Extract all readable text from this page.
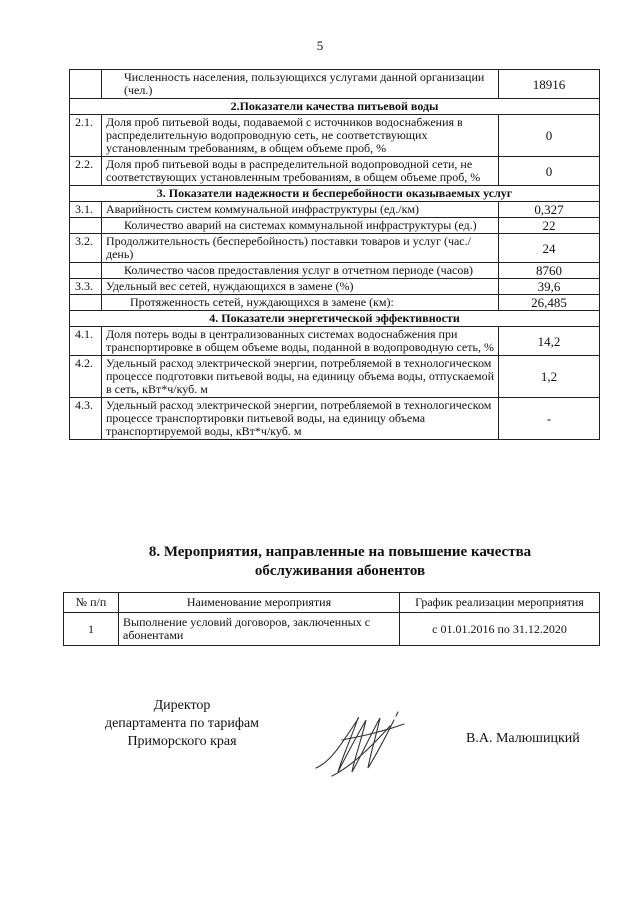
5
	Численность населения, пользующихся услугами данной организации (чел.)	18916
2.Показатели качества питьевой воды		
2.1.	Доля проб питьевой воды, подаваемой с источников водоснабжения в распределительную водопроводную сеть, не соответствующих установленным требованиям, в общем объеме проб, %	0
2.2.	Доля проб питьевой воды в распределительной водопроводной сети, не соответствующих установленным требованиям, в общем объеме проб, %	0
3. Показатели надежности и бесперебойности оказываемых услуг		
3.1.	Аварийность систем коммунальной инфраструктуры (ед./км)	0,327
	Количество аварий на системах коммунальной инфраструктуры (ед.)	22
3.2.	Продолжительность (бесперебойность) поставки товаров и услуг (час./день)	24
	Количество часов предоставления услуг в отчетном периоде (часов)	8760
3.3.	Удельный вес сетей, нуждающихся в замене (%)	39,6
	Протяженность сетей, нуждающихся в замене (км):	26,485
4. Показатели энергетической эффективности		
4.1.	Доля потерь воды в централизованных системах водоснабжения при транспортировке в общем объеме воды, поданной в водопроводную сеть, %	14,2
4.2.	Удельный расход электрической энергии, потребляемой в технологическом процессе подготовки питьевой воды, на единицу объема воды, отпускаемой в сеть, кВт*ч/куб. м	1,2
4.3.	Удельный расход электрической энергии, потребляемой в технологическом процессе транспортировки питьевой воды, на единицу объема транспортируемой воды, кВт*ч/куб. м	-
8. Мероприятия, направленные на повышение качества
обслуживания абонентов
№ п/п	Наименование мероприятия	График реализации мероприятия
1	Выполнение условий договоров, заключенных с абонентами	с 01.01.2016 по 31.12.2020
Директор
департамента по тарифам
Приморского края	В.А. Малюшицкий
